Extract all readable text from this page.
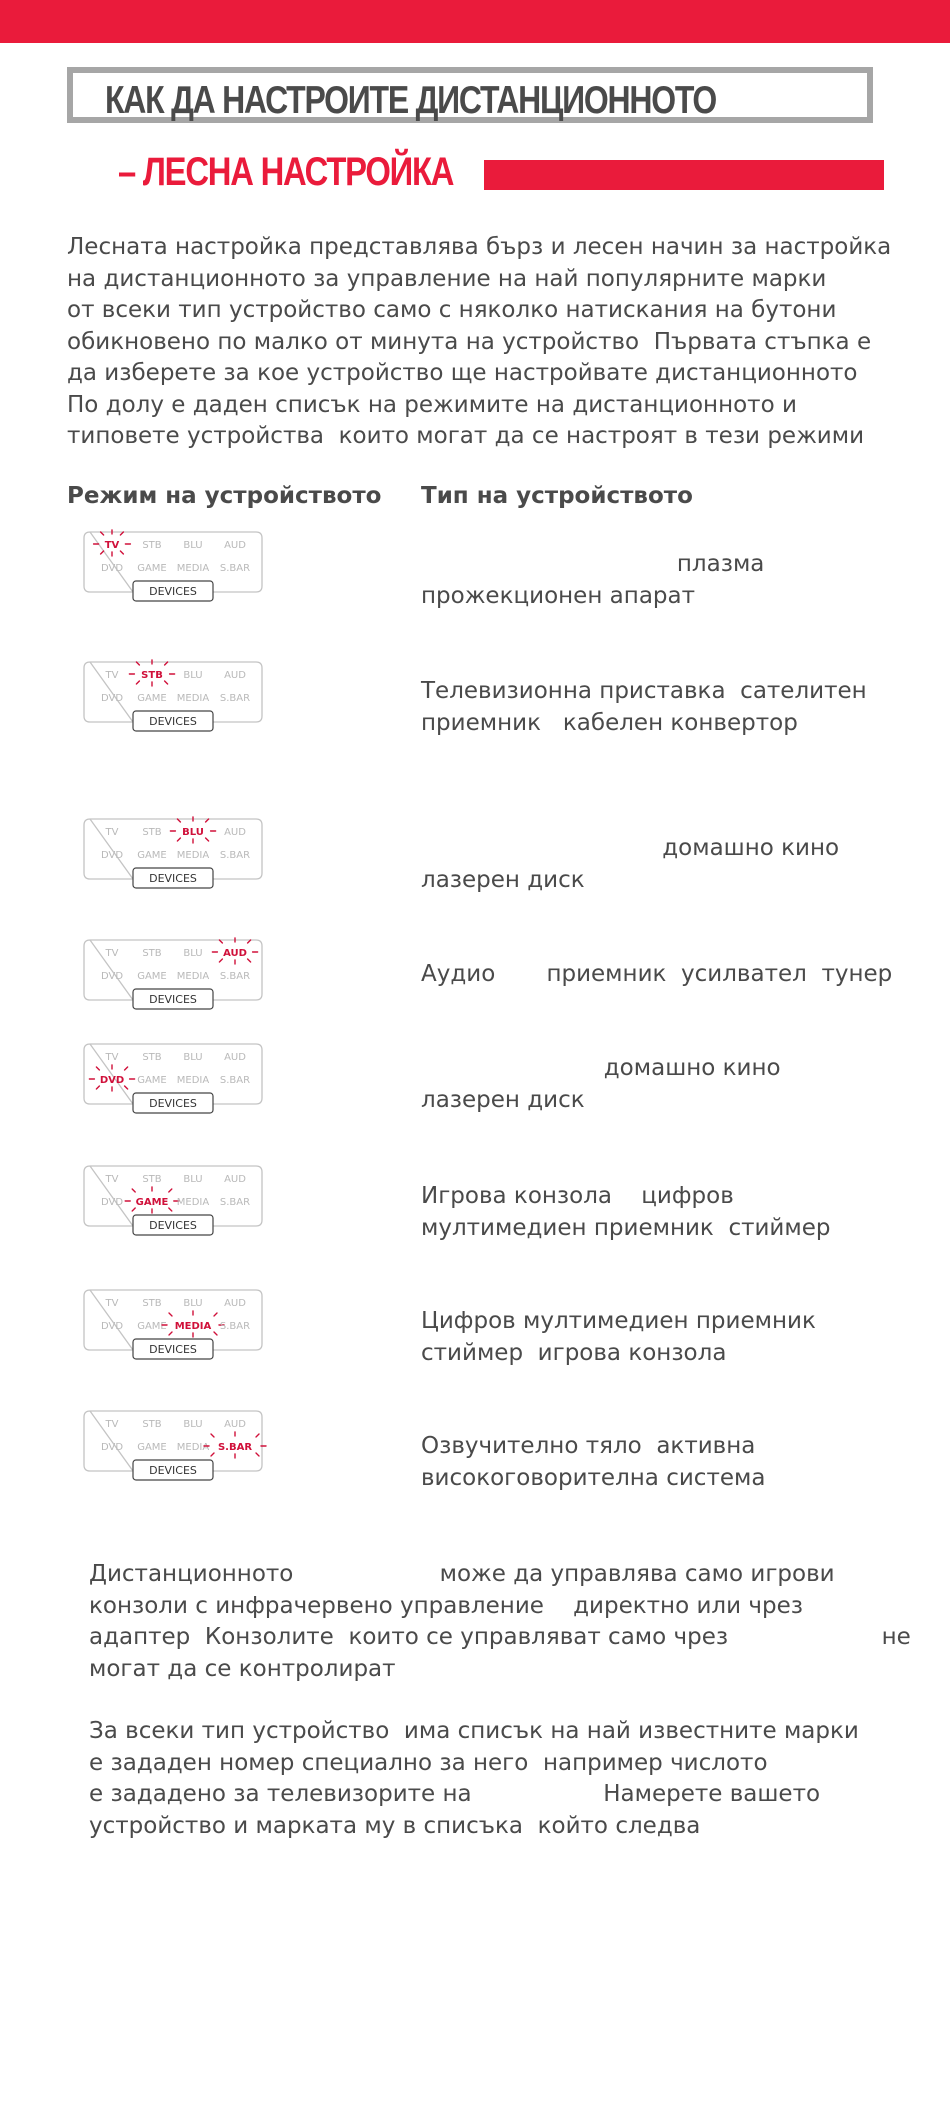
КАК ДА НАСТРОИТЕ ДИСТАНЦИОННОТО
– ЛЕСНА НАСТРОЙКА
Лесната настройка представлява бърз и лесен начин за настройка
на дистанционното за управление на най популярните марки
от всеки тип устройство само с няколко натискания на бутони
обикновено по малко от минута на устройство  Първата стъпка е
да изберете за кое устройство ще настройвате дистанционното
По долу е даден списък на режимите на дистанционното и
типовете устройства  които могат да се настроят в тези режими
Режим на устройството Тип на устройството
TV STB BLU AUD
DVD GAME MEDIA S.BAR
DEVICES
плазма
прожекционен апарат
TV STB BLU AUD
DVD GAME MEDIA S.BAR
DEVICES
Телевизионна приставка  сателитен
приемник   кабелен конвертор
TV STB BLU AUD
DVD GAME MEDIA S.BAR
DEVICES
домашно кино
лазерен диск
TV STB BLU AUD
DVD GAME MEDIA S.BAR
DEVICES
Аудио       приемник  усилвател  тунер
TV STB BLU AUD
DVD GAME MEDIA S.BAR
DEVICES
домашно кино
лазерен диск
TV STB BLU AUD
DVD GAME MEDIA S.BAR
DEVICES
Игрова конзола    цифров
мултимедиен приемник  стиймер
TV STB BLU AUD
DVD GAME MEDIA S.BAR
DEVICES
Цифров мултимедиен приемник
стиймер  игрова конзола
TV STB BLU AUD
DVD GAME MEDIA S.BAR
DEVICES
Озвучително тяло  активна
високоговорителна система
Дистанционното                    може да управлява само игрови
конзоли с инфрачервено управление    директно или чрез
адаптер  Конзолите  които се управляват само чрез                     не
могат да се контролират
За всеки тип устройство  има списък на най известните марки
е зададен номер специално за него  например числото
е зададено за телевизорите на                  Намерете вашето
устройство и марката му в списъка  който следва
